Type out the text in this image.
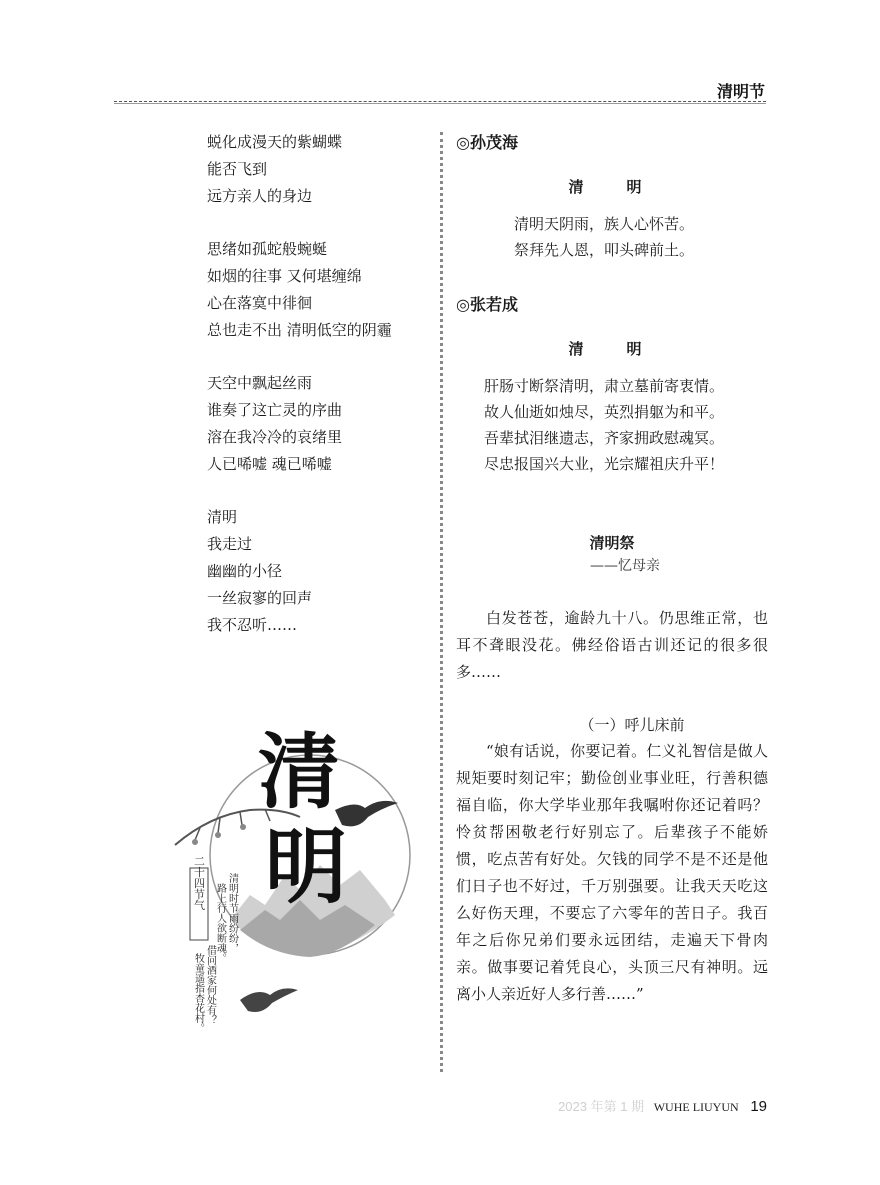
清明节
蜕化成漫天的紫蝴蝶
能否飞到
远方亲人的身边
思绪如孤蛇般蜿蜒
如烟的往事 又何堪缠绵
心在落寞中徘徊
总也走不出 清明低空的阴霾
天空中飘起丝雨
谁奏了这亡灵的序曲
溶在我冷冷的哀绪里
人已唏嘘 魂已唏嘘
清明
我走过
幽幽的小径
一丝寂寥的回声
我不忍听……
清
明
二十四节气 清明时节雨纷纷，
路上行人欲断魂。
借问酒家何处有？
牧童遥指杏花村。
◎孙茂海
清　明
清明天阴雨，族人心怀苦。
祭拜先人恩，叩头碑前土。
◎张若成
清　明
肝肠寸断祭清明，肃立墓前寄衷情。
故人仙逝如烛尽，英烈捐躯为和平。
吾辈拭泪继遗志，齐家拥政慰魂冥。
尽忠报国兴大业，光宗耀祖庆升平！
清明祭
——忆母亲
白发苍苍，逾龄九十八。仍思维正常，也耳不聋眼没花。佛经俗语古训还记的很多很多……
（一）呼儿床前
“娘有话说，你要记着。仁义礼智信是做人规矩要时刻记牢；勤俭创业事业旺，行善积德福自临，你大学毕业那年我嘱咐你还记着吗？怜贫帮困敬老行好别忘了。后辈孩子不能娇惯，吃点苦有好处。欠钱的同学不是不还是他们日子也不好过，千万别强要。让我天天吃这么好伤天理，不要忘了六零年的苦日子。我百年之后你兄弟们要永远团结，走遍天下骨肉亲。做事要记着凭良心，头顶三尺有神明。远离小人亲近好人多行善……”
2023 年第 1 期 WUHE LIUYUN 19
